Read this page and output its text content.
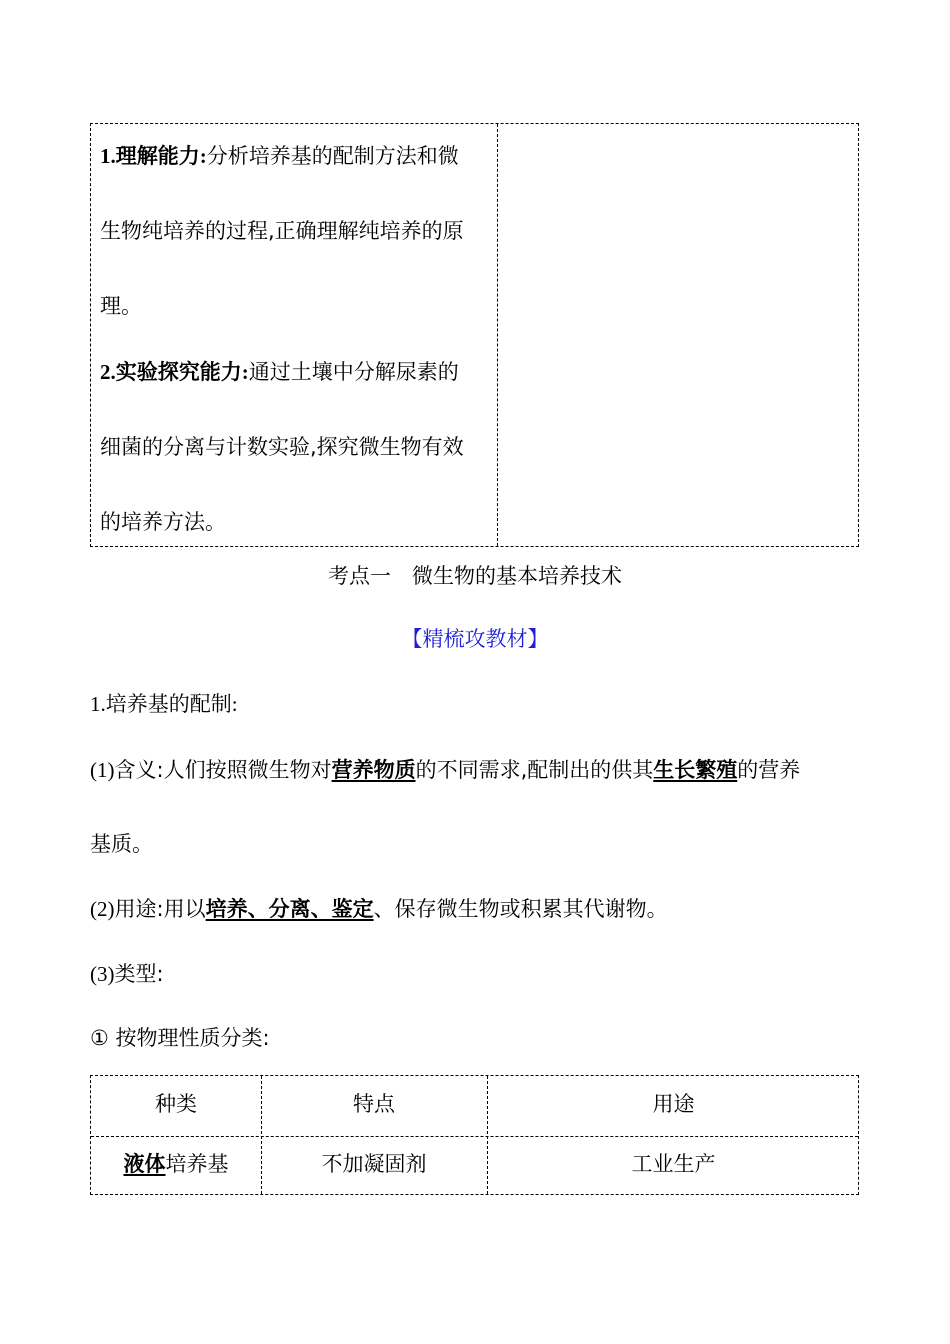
1.理解能力:分析培养基的配制方法和微
生物纯培养的过程,正确理解纯培养的原
理。
2.实验探究能力:通过土壤中分解尿素的
细菌的分离与计数实验,探究微生物有效
的培养方法。
考点一　微生物的基本培养技术
【精梳攻教材】
1.培养基的配制:
(1)含义:人们按照微生物对营养物质的不同需求,配制出的供其生长繁殖的营养
基质。
(2)用途:用以培养、分离、鉴定、保存微生物或积累其代谢物。
(3)类型:
① 按物理性质分类:
种类	特点	用途
液体培养基	不加凝固剂	工业生产
